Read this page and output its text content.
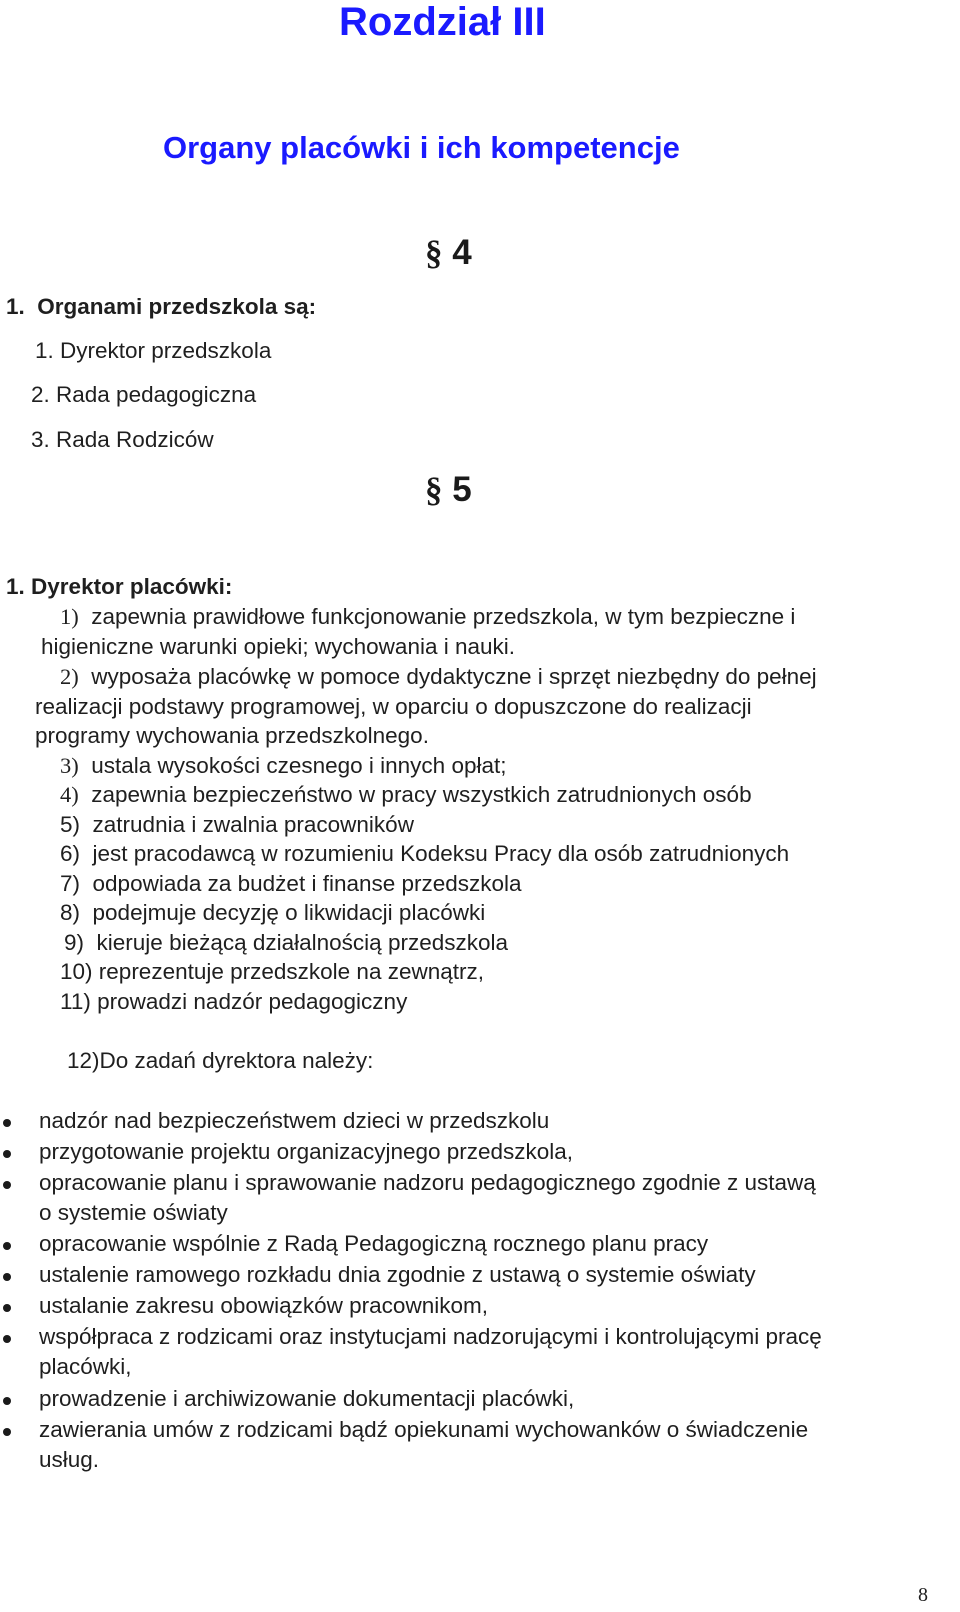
Rozdział III
Organy placówki i ich kompetencje
§ 4
1. Organami przedszkola są:
1. Dyrektor przedszkola
2. Rada pedagogiczna
3. Rada Rodziców
§ 5
1. Dyrektor placówki:
1) zapewnia prawidłowe funkcjonowanie przedszkola, w tym bezpieczne i
higieniczne warunki opieki; wychowania i nauki.
2) wyposaża placówkę w pomoce dydaktyczne i sprzęt niezbędny do pełnej
realizacji podstawy programowej, w oparciu o dopuszczone do realizacji
programy wychowania przedszkolnego.
3) ustala wysokości czesnego i innych opłat;
4) zapewnia bezpieczeństwo w pracy wszystkich zatrudnionych osób
5) zatrudnia i zwalnia pracowników
6) jest pracodawcą w rozumieniu Kodeksu Pracy dla osób zatrudnionych
7) odpowiada za budżet i finanse przedszkola
8) podejmuje decyzję o likwidacji placówki
9) kieruje bieżącą działalnością przedszkola
10) reprezentuje przedszkole na zewnątrz,
11) prowadzi nadzór pedagogiczny
12)Do zadań dyrektora należy:
nadzór nad bezpieczeństwem dzieci w przedszkolu
przygotowanie projektu organizacyjnego przedszkola,
opracowanie planu i sprawowanie nadzoru pedagogicznego zgodnie z ustawą
o systemie oświaty
opracowanie wspólnie z Radą Pedagogiczną rocznego planu pracy
ustalenie ramowego rozkładu dnia zgodnie z ustawą o systemie oświaty
ustalanie zakresu obowiązków pracownikom,
współpraca z rodzicami oraz instytucjami nadzorującymi i kontrolującymi pracę
placówki,
prowadzenie i archiwizowanie dokumentacji placówki,
zawierania umów z rodzicami bądź opiekunami wychowanków o świadczenie
usług.
8
